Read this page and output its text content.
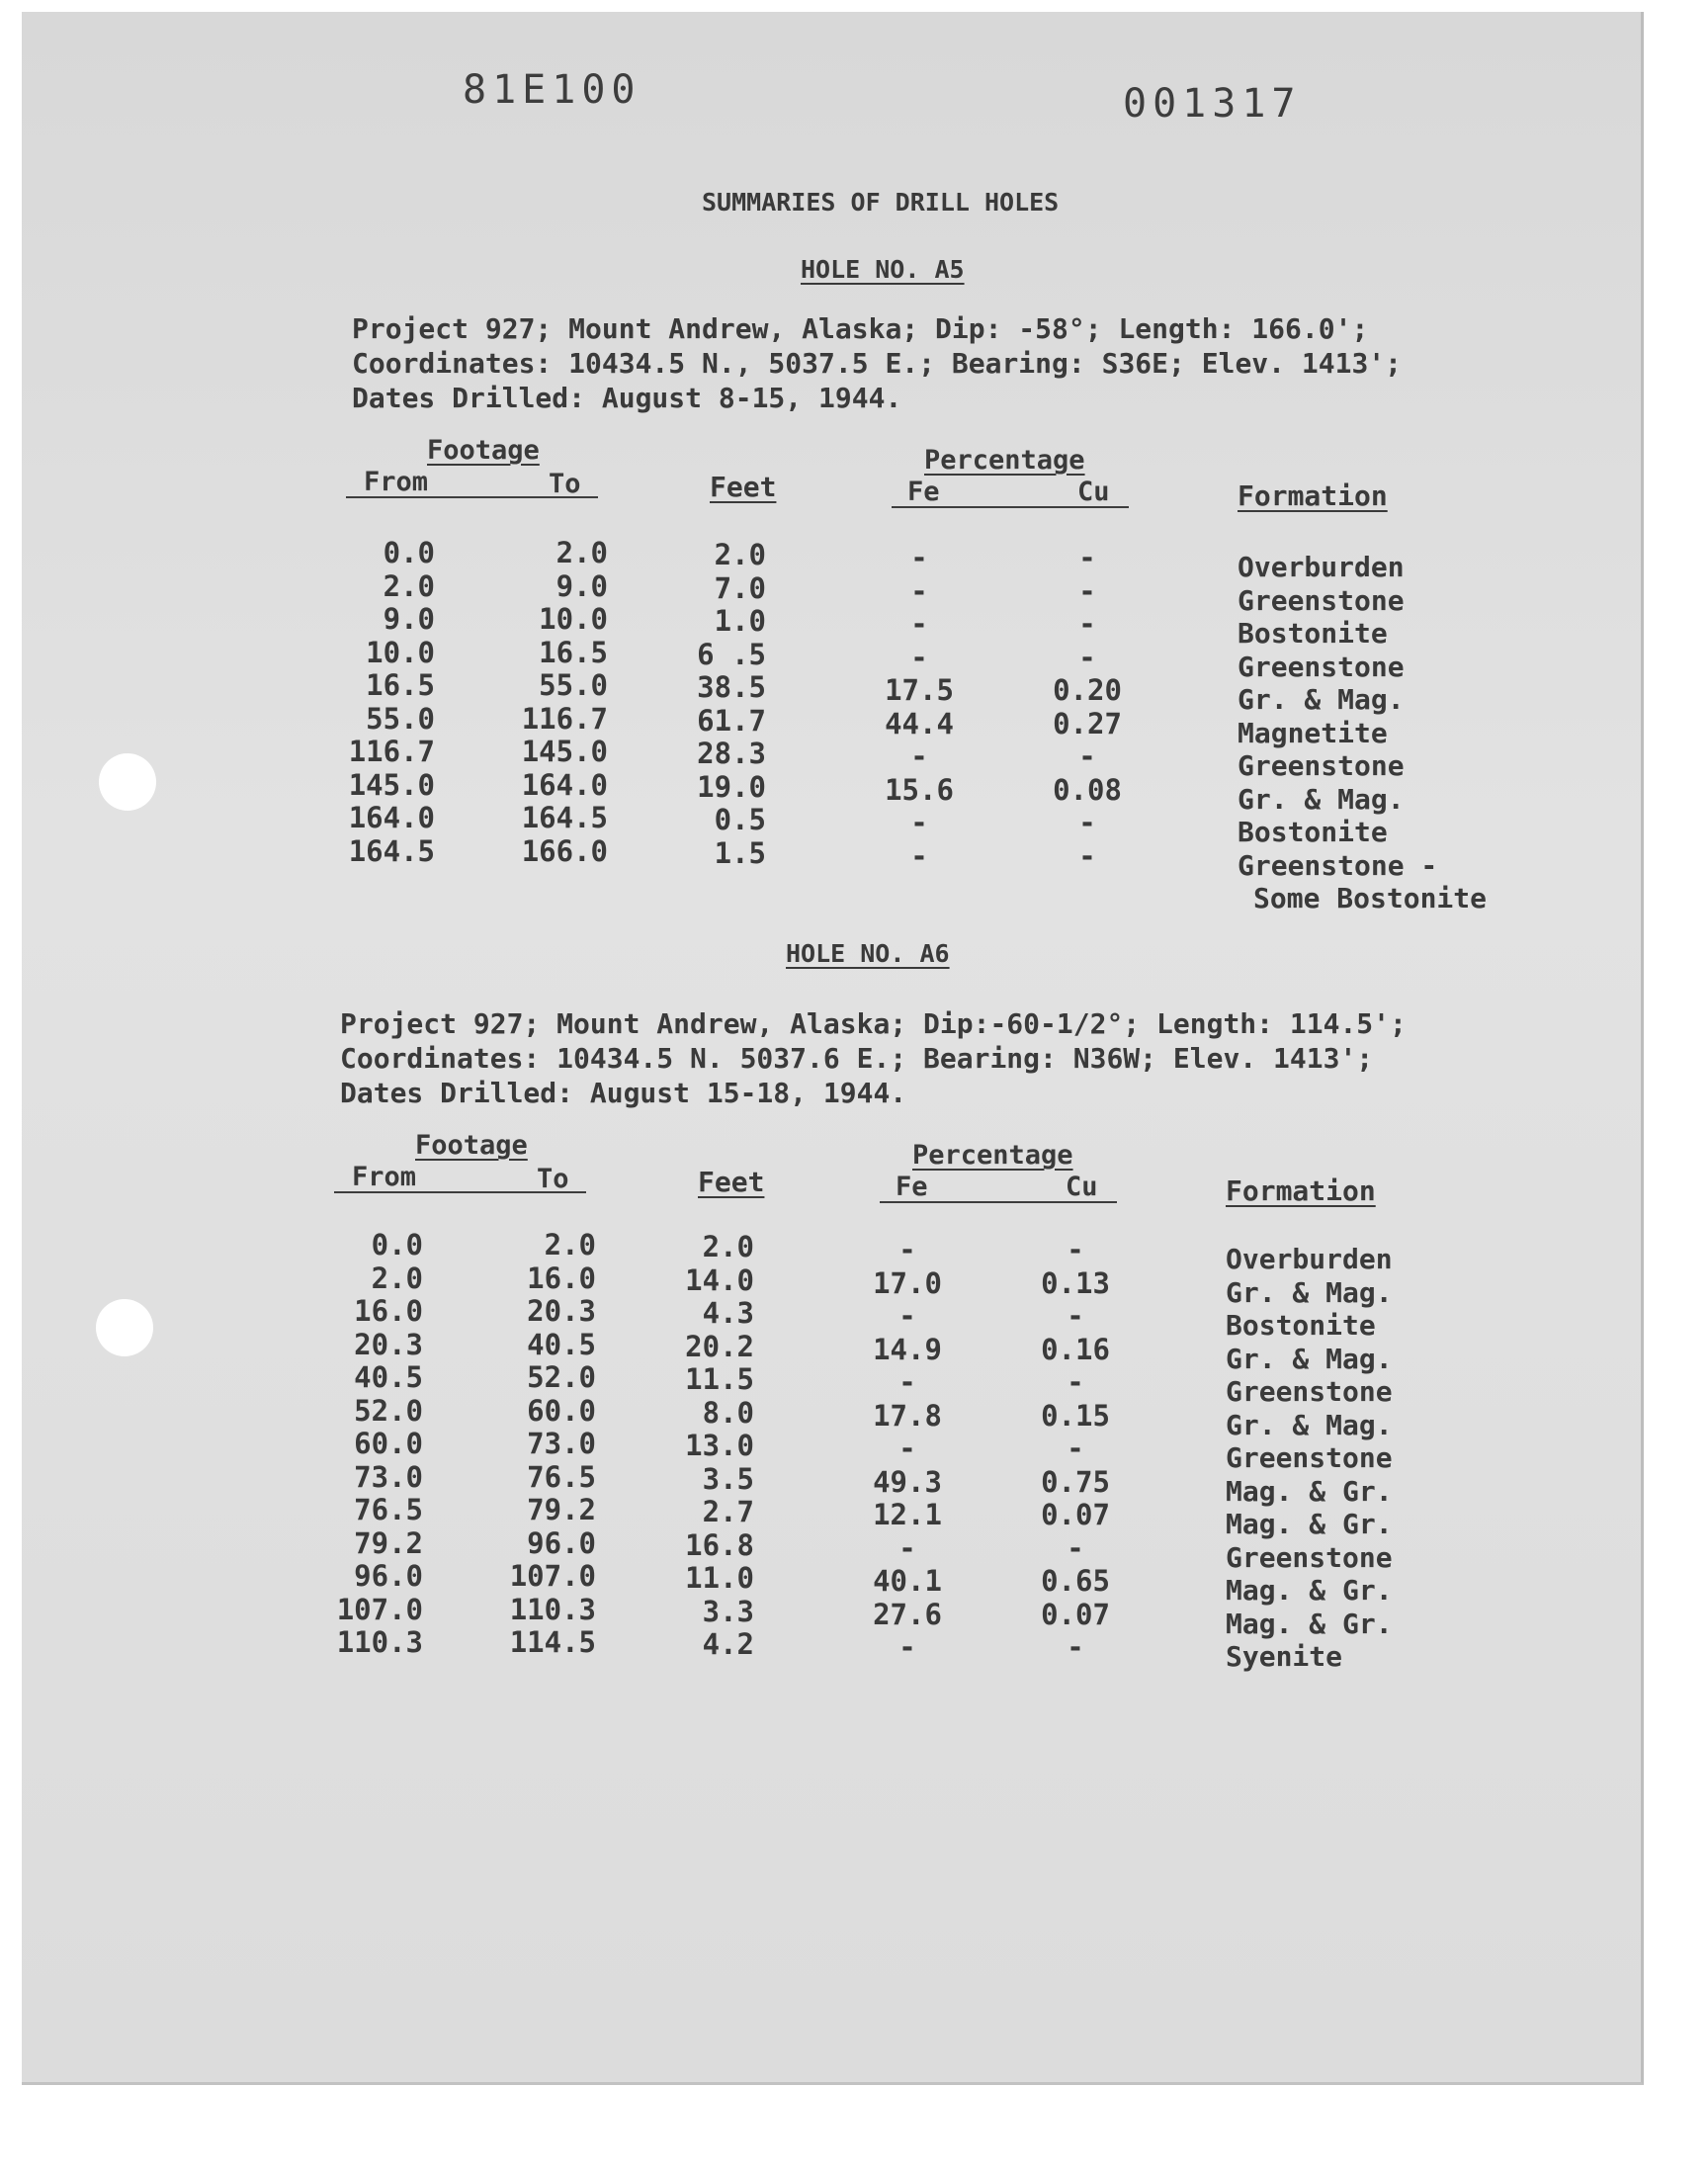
81E100	001317
SUMMARIES OF DRILL HOLES
HOLE NO. A5
Project 927; Mount Andrew, Alaska; Dip: -58°; Length: 166.0';
Coordinates: 10434.5 N., 5037.5 E.; Bearing: S36E; Elev. 1413';
Dates Drilled: August 8-15, 1944.
Footage
From	To	Feet
Percentage
Fe	Cu	Formation
0.0	2.0	2.0	-	-	Overburden
2.0	9.0	7.0	-	-	Greenstone
9.0	10.0	1.0	-	-	Bostonite
10.0	16.5	6 .5	-	-	Greenstone
16.5	55.0	38.5	17.5	0.20	Gr. & Mag.
55.0	116.7	61.7	44.4	0.27	Magnetite
116.7	145.0	28.3	-	-	Greenstone
145.0	164.0	19.0	15.6	0.08	Gr. & Mag.
164.0	164.5	0.5	-	-	Bostonite
164.5	166.0	1.5	-	-	Greenstone -
Some Bostonite
HOLE NO. A6
Project 927; Mount Andrew, Alaska; Dip:-60-1/2°; Length: 114.5';
Coordinates: 10434.5 N. 5037.6 E.; Bearing: N36W; Elev. 1413';
Dates Drilled: August 15-18, 1944.
Footage
From	To	Feet
Percentage
Fe	Cu	Formation
0.0	2.0	2.0	-	-	Overburden
2.0	16.0	14.0	17.0	0.13	Gr. & Mag.
16.0	20.3	4.3	-	-	Bostonite
20.3	40.5	20.2	14.9	0.16	Gr. & Mag.
40.5	52.0	11.5	-	-	Greenstone
52.0	60.0	8.0	17.8	0.15	Gr. & Mag.
60.0	73.0	13.0	-	-	Greenstone
73.0	76.5	3.5	49.3	0.75	Mag. & Gr.
76.5	79.2	2.7	12.1	0.07	Mag. & Gr.
79.2	96.0	16.8	-	-	Greenstone
96.0	107.0	11.0	40.1	0.65	Mag. & Gr.
107.0	110.3	3.3	27.6	0.07	Mag. & Gr.
110.3	114.5	4.2	-	-	Syenite
